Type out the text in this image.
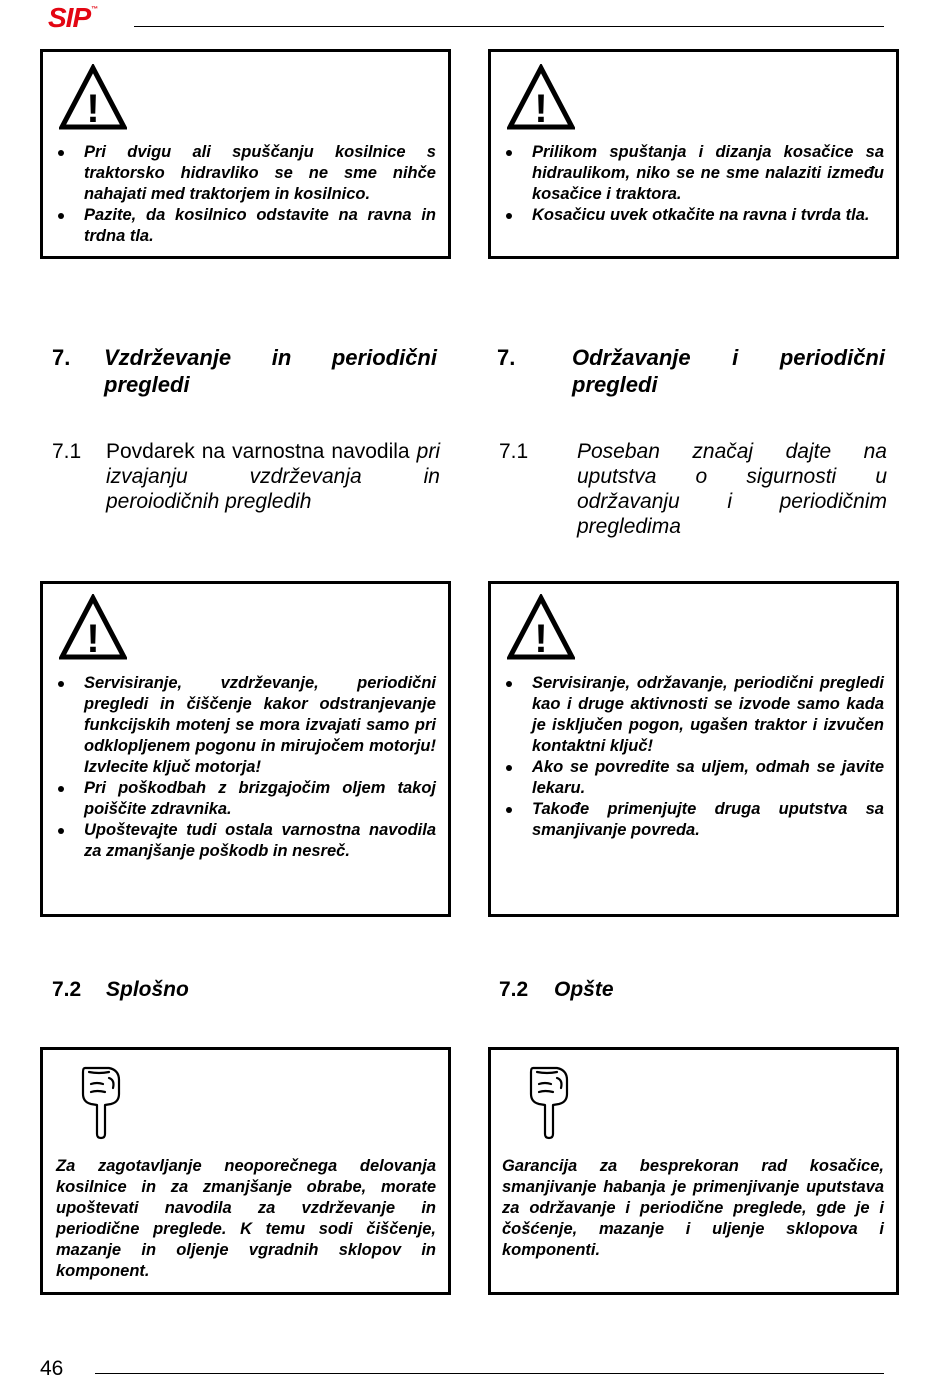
SIP™
!
Pri dvigu ali spuščanju kosilnice s traktorsko hidravliko se ne sme nihče nahajati med traktorjem in kosilnico.
Pazite, da kosilnico odstavite na ravna in trdna tla.
!
Prilikom spuštanja i dizanja kosačice sa hidraulikom, niko se ne sme nalaziti između kosačice i traktora.
Kosačicu uvek otkačite na ravna i tvrda tla.
7. Vzdrževanje in periodični pregledi
7.	Održavanje i periodični pregledi
7.1 Povdarek na varnostna navodila pri izvajanju vzdrževanja in peroiodičnih pregledih
7.1 Poseban značaj dajte na uputstva o sigurnosti u održavanju i periodičnim pregledima
!
Servisiranje, vzdrževanje, periodični pregledi in čiščenje kakor odstranjevanje funkcijskih motenj se mora izvajati samo pri odklopljenem pogonu in mirujočem motorju! Izvlecite ključ motorja!
Pri poškodbah z brizgajočim oljem takoj poiščite zdravnika.
Upoštevajte tudi ostala varnostna navodila za zmanjšanje poškodb in nesreč.
!
Servisiranje, održavanje, periodični pregledi kao i druge aktivnosti se izvode samo kada je isključen pogon, ugašen traktor i izvučen kontaktni ključ!
Ako se povredite sa uljem, odmah se javite lekaru.
Takođe primenjujte druga uputstva sa smanjivanje povreda.
7.2 Splošno	7.2 Opšte
Za zagotavljanje neoporečnega delovanja kosilnice in za zmanjšanje obrabe, morate upoštevati navodila za vzdrževanje in periodične preglede. K temu sodi čiščenje, mazanje in oljenje vgradnih sklopov in komponent.
Garancija za besprekoran rad kosačice, smanjivanje habanja je primenjivanje uputstava za održavanje i periodične preglede, gde je i čošćenje, mazanje i uljenje sklopova i komponenti.
46
